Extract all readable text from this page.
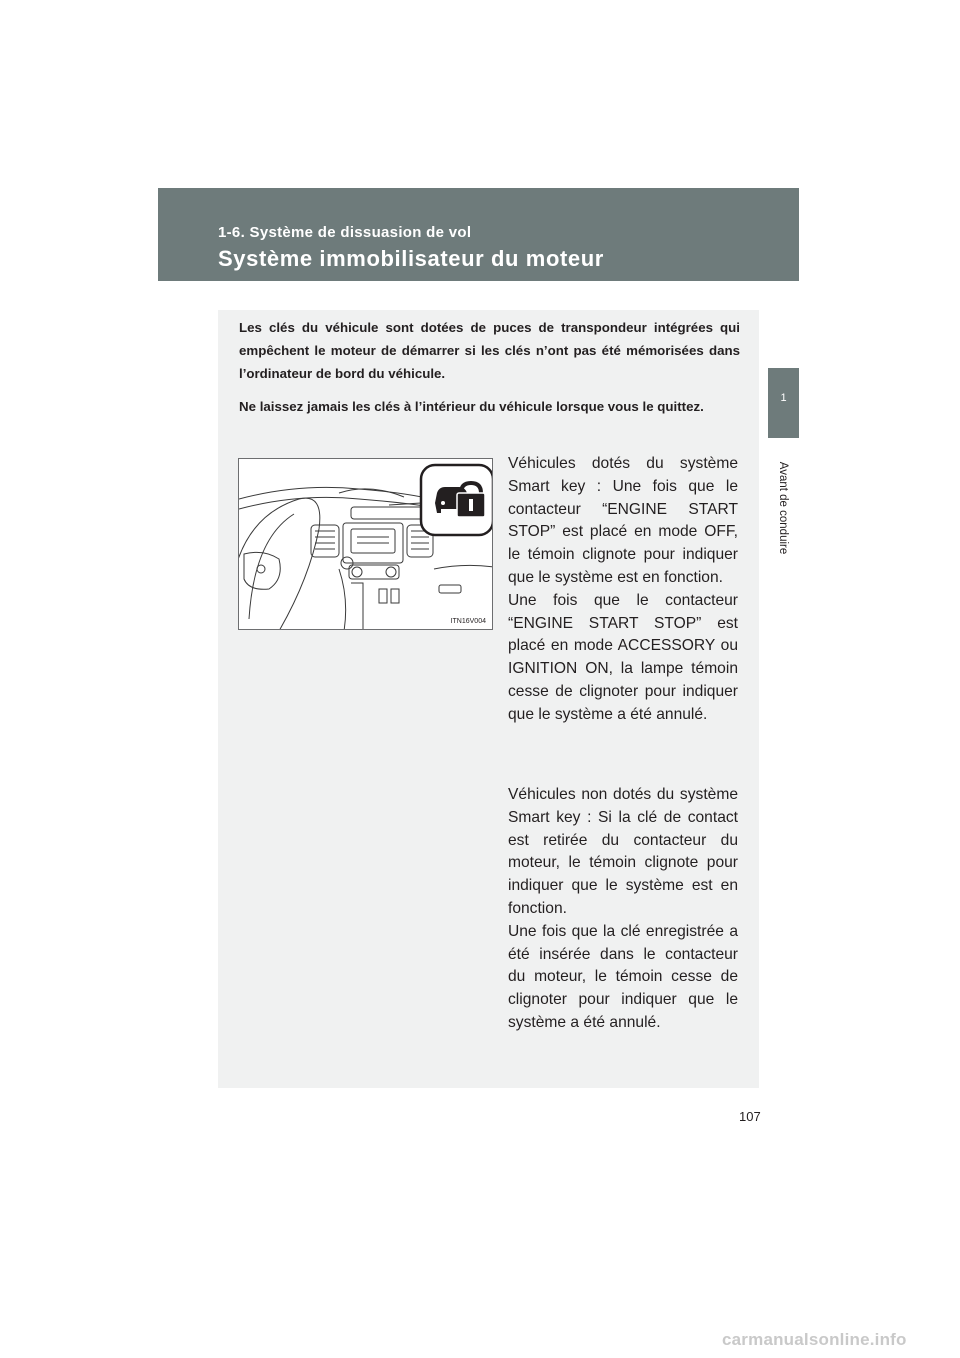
1-6. Système de dissuasion de vol
Système immobilisateur du moteur
1
Avant de conduire

Les clés du véhicule sont dotées de puces de transpondeur intégrées qui empêchent le moteur de démarrer si les clés n’ont pas été mémorisées dans l’ordinateur de bord du véhicule.

Ne laissez jamais les clés à l’intérieur du véhicule lorsque vous le quittez.

ITN16V004

Véhicules dotés du système Smart key : Une fois que le contacteur “ENGINE START STOP” est placé en mode OFF, le témoin clignote pour indiquer que le système est en fonction.
Une fois que le contacteur “ENGINE START STOP” est placé en mode ACCESSORY ou IGNITION ON, la lampe témoin cesse de clignoter pour indiquer que le système a été annulé.

Véhicules non dotés du système Smart key : Si la clé de contact est retirée du contacteur du moteur, le témoin clignote pour indiquer que le système est en fonction.
Une fois que la clé enregistrée a été insérée dans le contacteur du moteur, le témoin cesse de clignoter pour indiquer que le système a été annulé.

107
carmanualsonline.info
